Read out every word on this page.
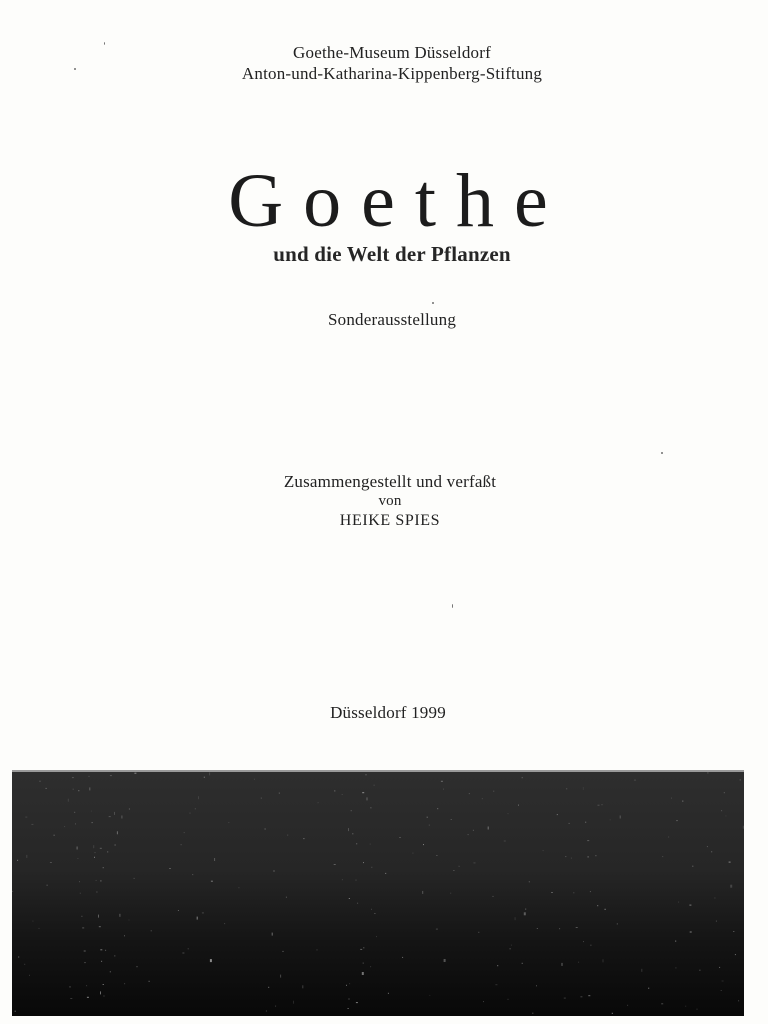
Goethe-Museum Düsseldorf
Anton-und-Katharina-Kippenberg-Stiftung
Goethe
und die Welt der Pflanzen
Sonderausstellung
Zusammengestellt und verfaßt
von
HEIKE SPIES
Düsseldorf 1999
